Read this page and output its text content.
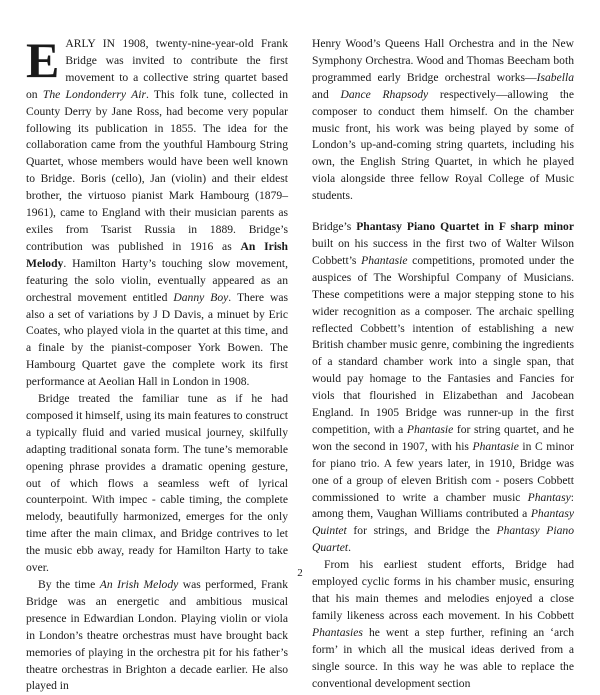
EARLY IN 1908, twenty-nine-year-old Frank Bridge was invited to contribute the first movement to a collective string quartet based on The Londonderry Air. This folk tune, collected in County Derry by Jane Ross, had become very popular following its publication in 1855. The idea for the collaboration came from the youthful Hambourg String Quartet, whose members would have been well known to Bridge. Boris (cello), Jan (violin) and their eldest brother, the virtuoso pianist Mark Hambourg (1879–1961), came to England with their musician parents as exiles from Tsarist Russia in 1889. Bridge’s contribution was published in 1916 as An Irish Melody. Hamilton Harty’s touching slow movement, featuring the solo violin, eventually appeared as an orchestral movement entitled Danny Boy. There was also a set of variations by J D Davis, a minuet by Eric Coates, who played viola in the quartet at this time, and a finale by the pianist-composer York Bowen. The Hambourg Quartet gave the complete work its first performance at Aeolian Hall in London in 1908.

Bridge treated the familiar tune as if he had composed it himself, using its main features to construct a typically fluid and varied musical journey, skilfully adapting traditional sonata form. The tune’s memorable opening phrase provides a dramatic opening gesture, out of which flows a seamless weft of lyrical counterpoint. With impec - cable timing, the complete melody, beautifully harmonized, emerges for the only time after the main climax, and Bridge contrives to let the music ebb away, ready for Hamilton Harty to take over.

By the time An Irish Melody was performed, Frank Bridge was an energetic and ambitious musical presence in Edwardian London. Playing violin or viola in London’s theatre orchestras must have brought back memories of playing in the orchestra pit for his father’s theatre orchestras in Brighton a decade earlier. He also played in

Henry Wood’s Queens Hall Orchestra and in the New Symphony Orchestra. Wood and Thomas Beecham both programmed early Bridge orchestral works—Isabella and Dance Rhapsody respectively—allowing the composer to conduct them himself. On the chamber music front, his work was being played by some of London’s up-and-coming string quartets, including his own, the English String Quartet, in which he played viola alongside three fellow Royal College of Music students.

Bridge’s Phantasy Piano Quartet in F sharp minor built on his success in the first two of Walter Wilson Cobbett’s Phantasie competitions, promoted under the auspices of The Worshipful Company of Musicians. These competitions were a major stepping stone to his wider recognition as a composer. The archaic spelling reflected Cobbett’s intention of establishing a new British chamber music genre, combining the ingredients of a standard chamber work into a single span, that would pay homage to the Fantasies and Fancies for viols that flourished in Elizabethan and Jacobean England. In 1905 Bridge was runner-up in the first competition, with a Phantasie for string quartet, and he won the second in 1907, with his Phantasie in C minor for piano trio. A few years later, in 1910, Bridge was one of a group of eleven British com - posers Cobbett commissioned to write a chamber music Phantasy: among them, Vaughan Williams contributed a Phantasy Quintet for strings, and Bridge the Phantasy Piano Quartet.

From his earliest student efforts, Bridge had employed cyclic forms in his chamber music, ensuring that his main themes and melodies enjoyed a close family likeness across each movement. In his Cobbett Phantasies he went a step further, refining an ‘arch form’ in which all the musical ideas derived from a single source. In this way he was able to replace the conventional development section

2
